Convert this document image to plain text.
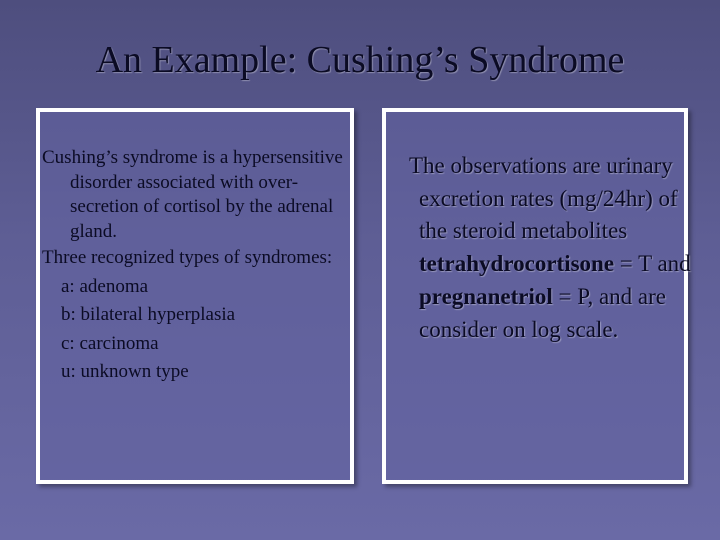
An Example: Cushing’s Syndrome

Cushing’s syndrome is a hypersensitive disorder associated with over-secretion of cortisol by the adrenal gland.

Three recognized types of syndromes:

a: adenoma

b: bilateral hyperplasia

c: carcinoma

u: unknown type

The observations are urinary excretion rates (mg/24hr) of the steroid metabolites tetrahydrocortisone = T and pregnanetriol = P, and are consider on log scale.
